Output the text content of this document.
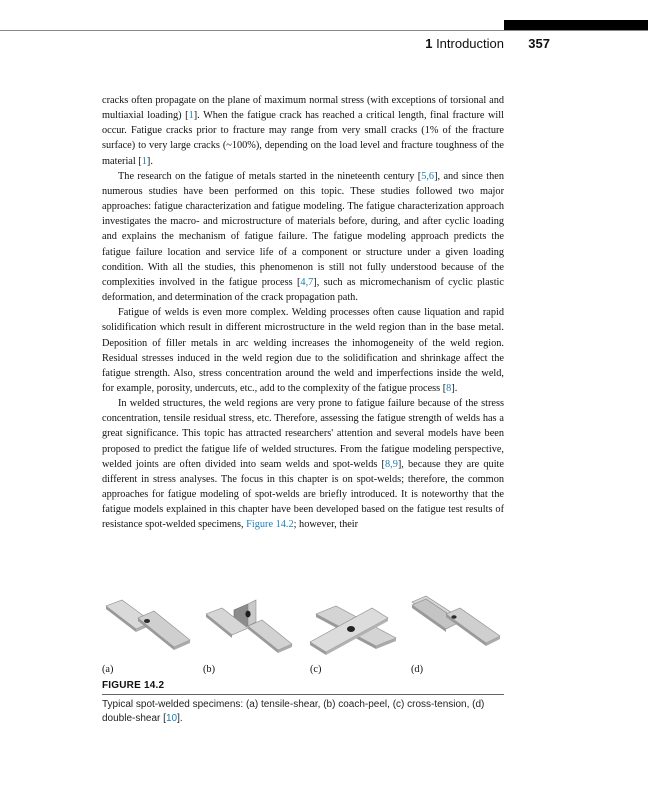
1 Introduction 357

cracks often propagate on the plane of maximum normal stress (with exceptions of torsional and multiaxial loading) [1]. When the fatigue crack has reached a critical length, final fracture will occur. Fatigue cracks prior to fracture may range from very small cracks (1% of the fracture surface) to very large cracks (~100%), depending on the load level and fracture toughness of the material [1].

The research on the fatigue of metals started in the nineteenth century [5,6], and since then numerous studies have been performed on this topic. These studies followed two major approaches: fatigue characterization and fatigue modeling. The fatigue characterization approach investigates the macro- and microstructure of materials before, during, and after cyclic loading and explains the mechanism of fatigue failure. The fatigue modeling approach predicts the fatigue failure location and service life of a component or structure under a given loading condition. With all the studies, this phenomenon is still not fully understood because of the complexities involved in the fatigue process [4,7], such as micromechanism of cyclic plastic deformation, and determination of the crack propagation path.

Fatigue of welds is even more complex. Welding processes often cause liquation and rapid solidification which result in different microstructure in the weld region than in the base metal. Deposition of filler metals in arc welding increases the inhomogeneity of the weld region. Residual stresses induced in the weld region due to the solidification and shrinkage affect the fatigue strength. Also, stress concentration around the weld and imperfections inside the weld, for example, porosity, undercuts, etc., add to the complexity of the fatigue process [8].

In welded structures, the weld regions are very prone to fatigue failure because of the stress concentration, tensile residual stress, etc. Therefore, assessing the fatigue strength of welds has a great significance. This topic has attracted researchers' attention and several models have been proposed to predict the fatigue life of welded structures. From the fatigue modeling perspective, welded joints are often divided into seam welds and spot-welds [8,9], because they are quite different in stress analyses. The focus in this chapter is on spot-welds; therefore, the common approaches for fatigue modeling of spot-welds are briefly introduced. It is noteworthy that the fatigue models explained in this chapter have been developed based on the fatigue test results of resistance spot-welded specimens, Figure 14.2; however, their

(a)	(b)	(c)	(d)
FIGURE 14.2
Typical spot-welded specimens: (a) tensile-shear, (b) coach-peel, (c) cross-tension, (d) double-shear [10].
